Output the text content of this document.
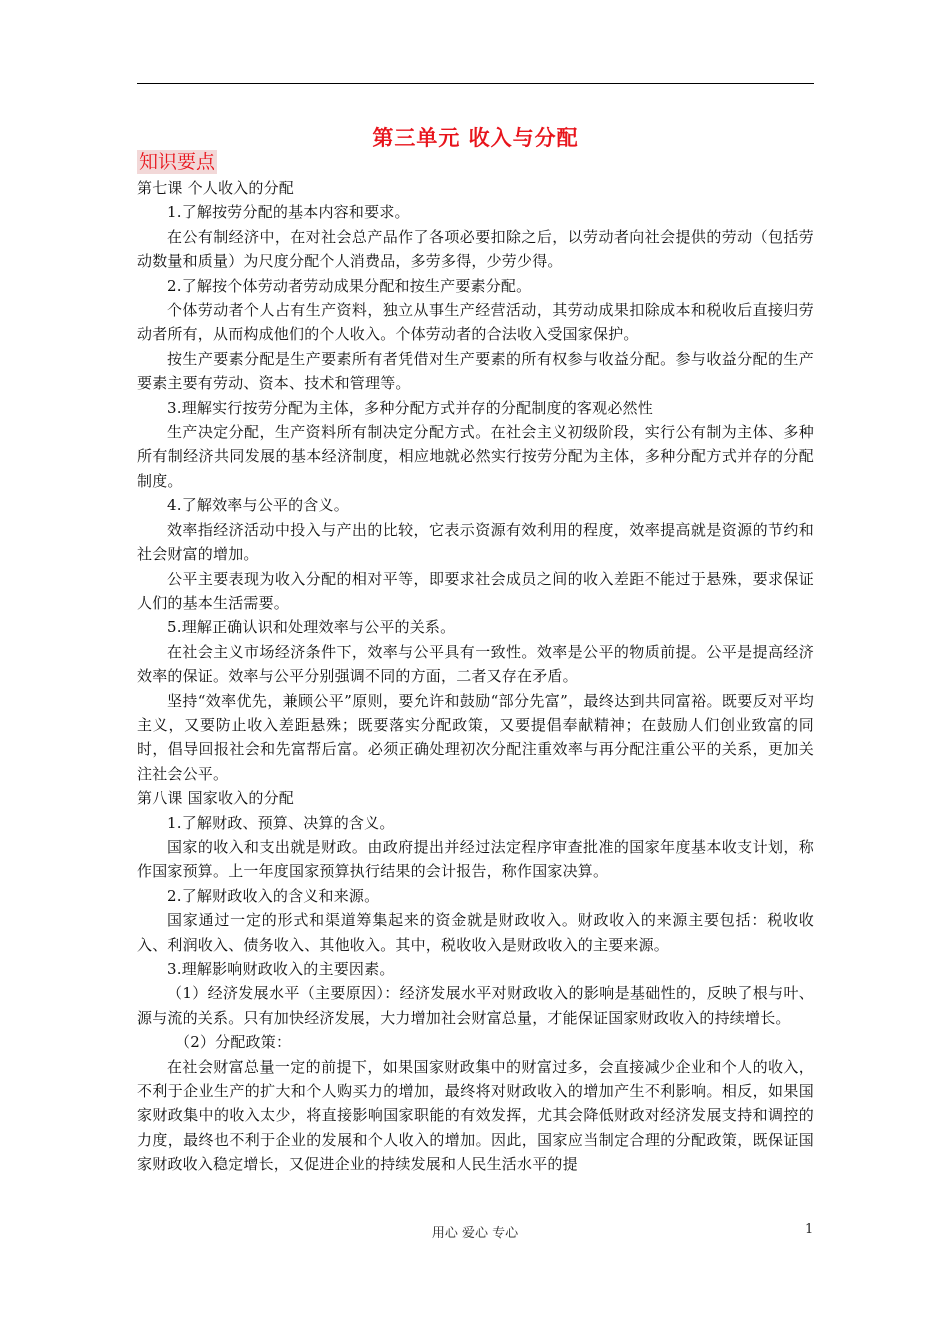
第三单元 收入与分配
知识要点

第七课 个人收入的分配

1.了解按劳分配的基本内容和要求。

在公有制经济中，在对社会总产品作了各项必要扣除之后，以劳动者向社会提供的劳动（包括劳动数量和质量）为尺度分配个人消费品，多劳多得，少劳少得。

2.了解按个体劳动者劳动成果分配和按生产要素分配。

个体劳动者个人占有生产资料，独立从事生产经营活动，其劳动成果扣除成本和税收后直接归劳动者所有，从而构成他们的个人收入。个体劳动者的合法收入受国家保护。

按生产要素分配是生产要素所有者凭借对生产要素的所有权参与收益分配。参与收益分配的生产要素主要有劳动、资本、技术和管理等。

3.理解实行按劳分配为主体，多种分配方式并存的分配制度的客观必然性

生产决定分配，生产资料所有制决定分配方式。在社会主义初级阶段，实行公有制为主体、多种所有制经济共同发展的基本经济制度，相应地就必然实行按劳分配为主体，多种分配方式并存的分配制度。

4.了解效率与公平的含义。

效率指经济活动中投入与产出的比较，它表示资源有效利用的程度，效率提高就是资源的节约和社会财富的增加。

公平主要表现为收入分配的相对平等，即要求社会成员之间的收入差距不能过于悬殊，要求保证人们的基本生活需要。

5.理解正确认识和处理效率与公平的关系。

在社会主义市场经济条件下，效率与公平具有一致性。效率是公平的物质前提。公平是提高经济效率的保证。效率与公平分别强调不同的方面，二者又存在矛盾。

坚持“效率优先，兼顾公平”原则，要允许和鼓励“部分先富”，最终达到共同富裕。既要反对平均主义，又要防止收入差距悬殊；既要落实分配政策，又要提倡奉献精神；在鼓励人们创业致富的同时，倡导回报社会和先富帮后富。必须正确处理初次分配注重效率与再分配注重公平的关系，更加关注社会公平。

第八课 国家收入的分配

1.了解财政、预算、决算的含义。

国家的收入和支出就是财政。由政府提出并经过法定程序审查批准的国家年度基本收支计划，称作国家预算。上一年度国家预算执行结果的会计报告，称作国家决算。

2.了解财政收入的含义和来源。

国家通过一定的形式和渠道筹集起来的资金就是财政收入。财政收入的来源主要包括：税收收入、利润收入、债务收入、其他收入。其中，税收收入是财政收入的主要来源。

3.理解影响财政收入的主要因素。

（1）经济发展水平（主要原因）：经济发展水平对财政收入的影响是基础性的，反映了根与叶、源与流的关系。只有加快经济发展，大力增加社会财富总量，才能保证国家财政收入的持续增长。

（2）分配政策：

在社会财富总量一定的前提下，如果国家财政集中的财富过多，会直接减少企业和个人的收入，不利于企业生产的扩大和个人购买力的增加，最终将对财政收入的增加产生不利影响。相反，如果国家财政集中的收入太少，将直接影响国家职能的有效发挥，尤其会降低财政对经济发展支持和调控的力度，最终也不利于企业的发展和个人收入的增加。因此，国家应当制定合理的分配政策，既保证国家财政收入稳定增长，又促进企业的持续发展和人民生活水平的提

用心 爱心 专心	1
